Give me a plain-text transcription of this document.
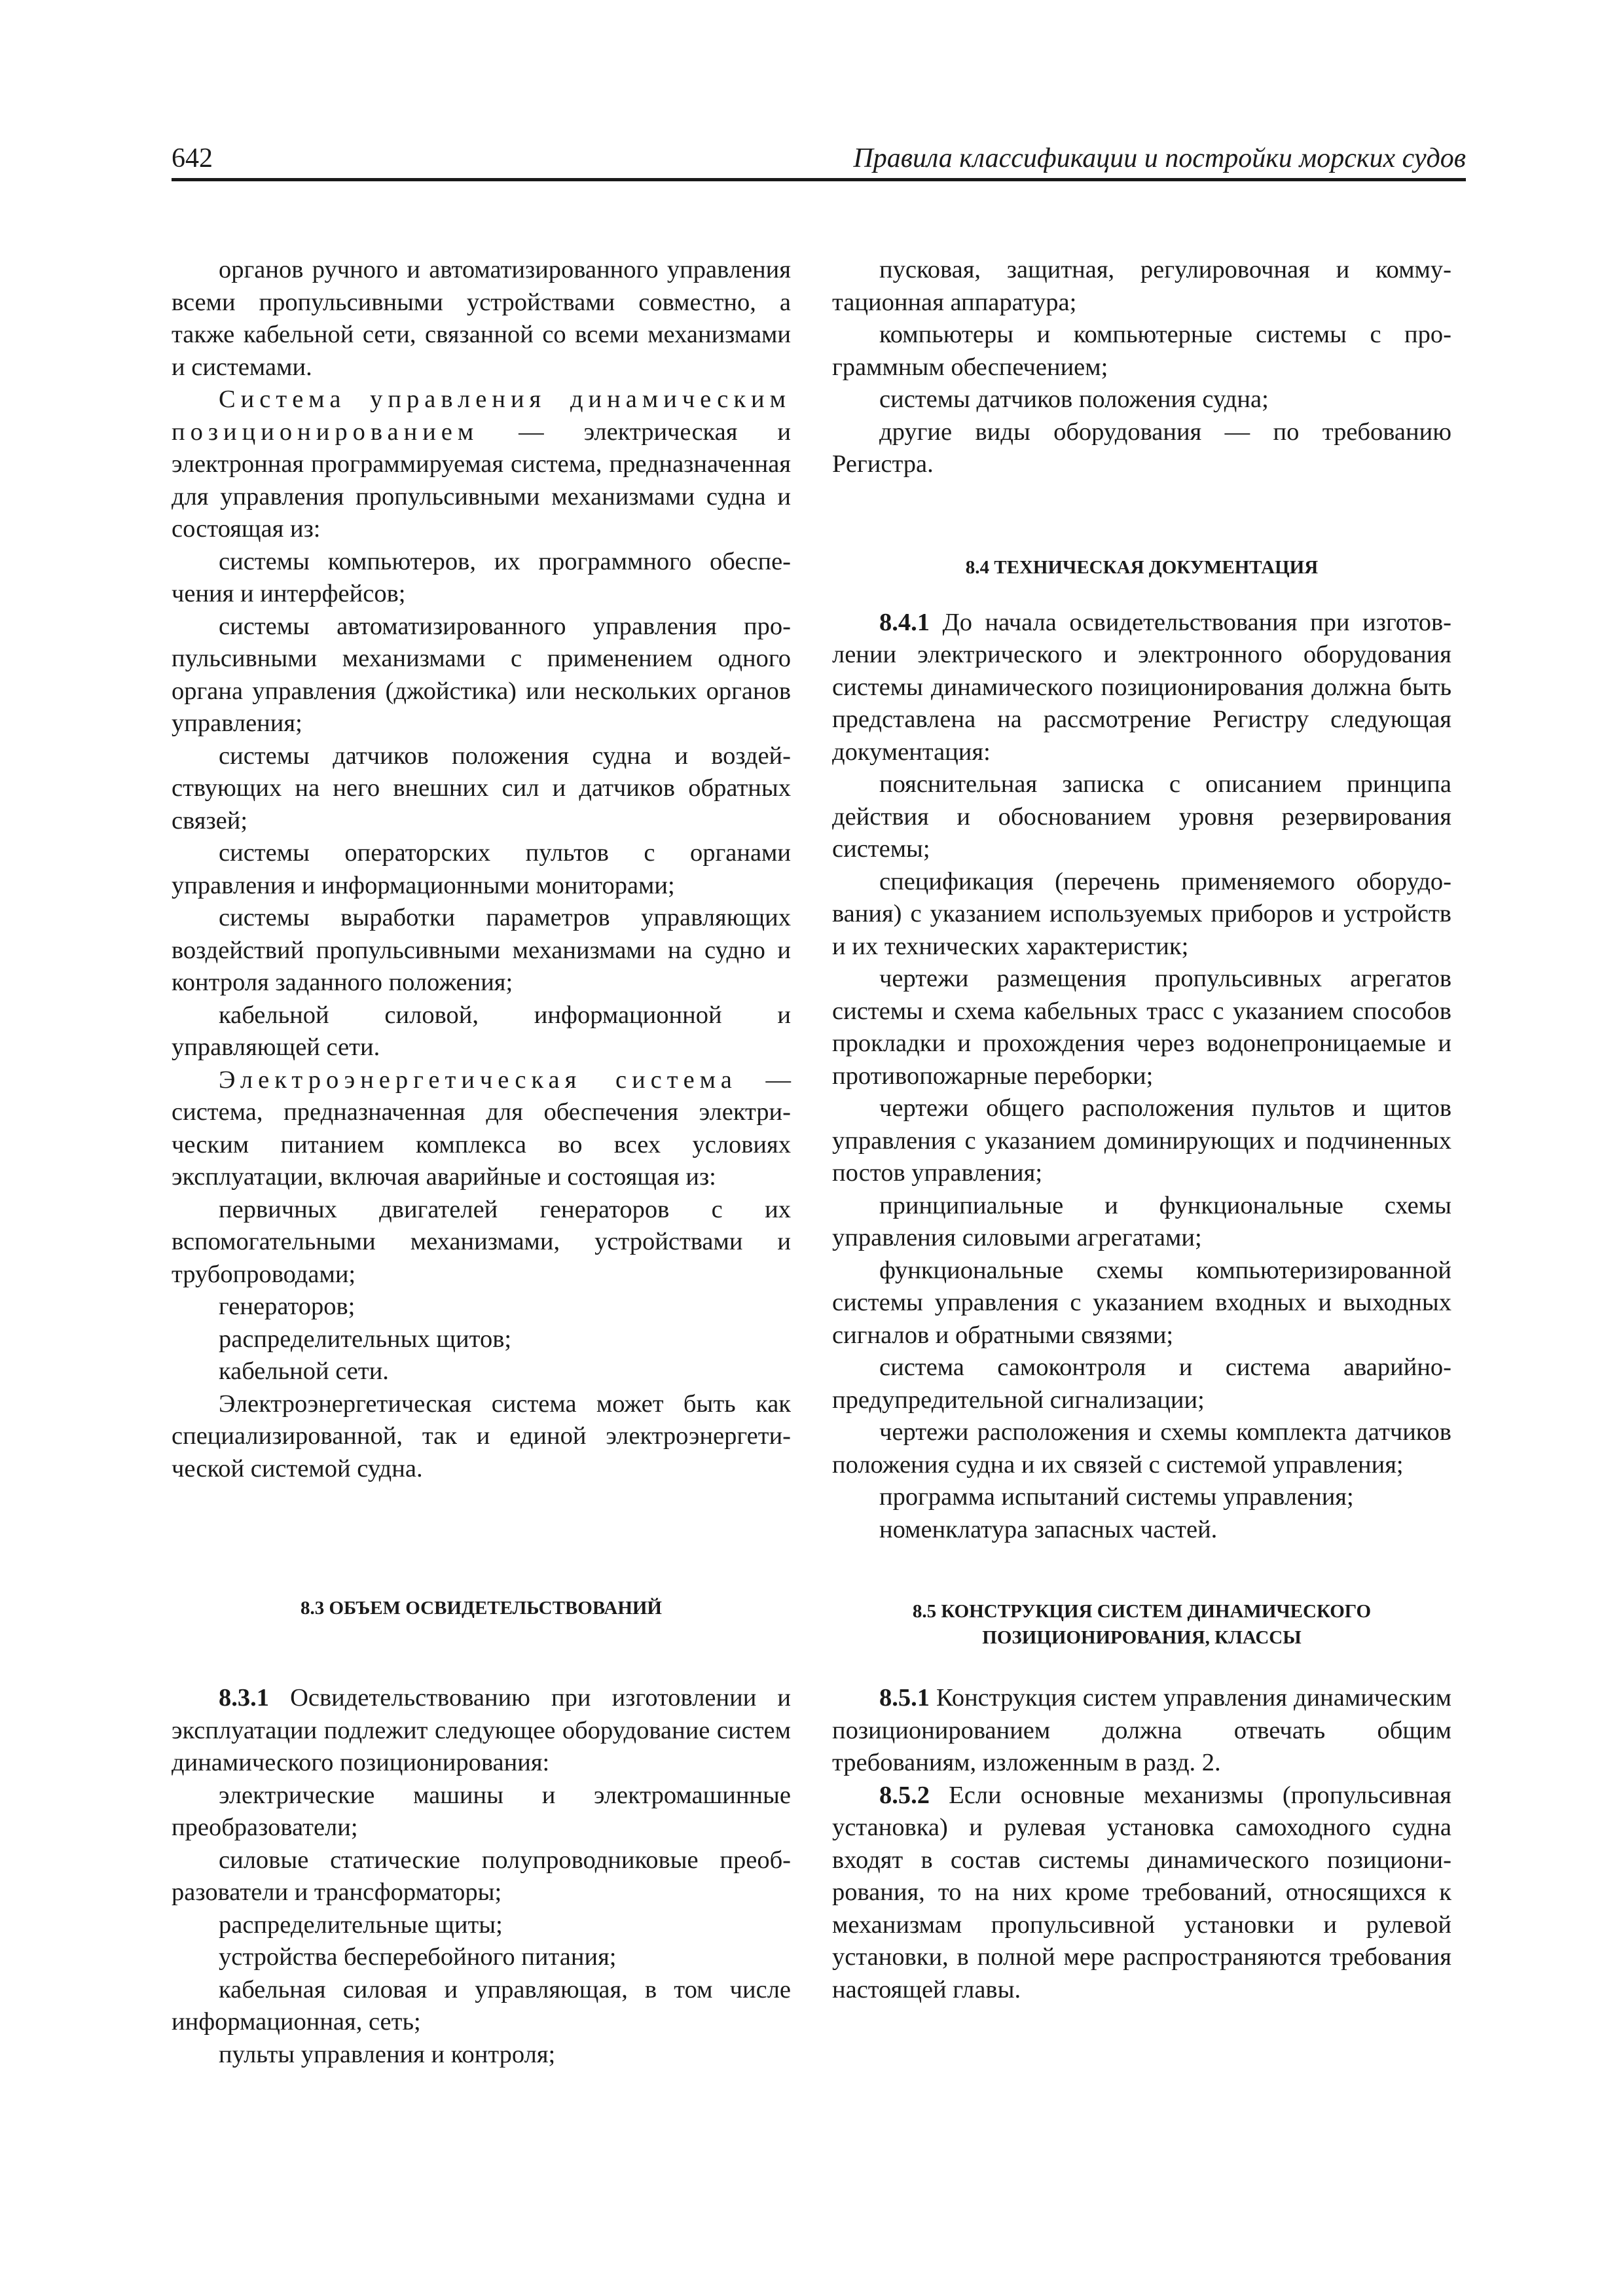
642	Правила классификации и постройки морских судов

органов ручного и автоматизированного управления всеми пропульсивными устройствами совместно, а также кабельной сети, связанной со всеми механизмами и системами.

Система управления динамическим позиционированием — электрическая и электронная программируемая система, предназначенная для управления пропульсивными механизмами судна и состоящая из:

системы компьютеров, их программного обеспечения и интерфейсов;

системы автоматизированного управления пропульсивными механизмами с применением одного органа управления (джойстика) или нескольких органов управления;

системы датчиков положения судна и воздействующих на него внешних сил и датчиков обратных связей;

системы операторских пультов с органами управления и информационными мониторами;

системы выработки параметров управляющих воздействий пропульсивными механизмами на судно и контроля заданного положения;

кабельной силовой, информационной и управляющей сети.

Электроэнергетическая система — система, предназначенная для обеспечения электрическим питанием комплекса во всех условиях эксплуатации, включая аварийные и состоящая из:

первичных двигателей генераторов с их вспомогательными механизмами, устройствами и трубопроводами;

генераторов;

распределительных щитов;

кабельной сети.

Электроэнергетическая система может быть как специализированной, так и единой электроэнергетической системой судна.

8.3 ОБЪЕМ ОСВИДЕТЕЛЬСТВОВАНИЙ

8.3.1 Освидетельствованию при изготовлении и эксплуатации подлежит следующее оборудование систем динамического позиционирования:

электрические машины и электромашинные преобразователи;

силовые статические полупроводниковые преобразователи и трансформаторы;

распределительные щиты;

устройства бесперебойного питания;

кабельная силовая и управляющая, в том числе информационная, сеть;

пульты управления и контроля;

пусковая, защитная, регулировочная и коммутационная аппаратура;

компьютеры и компьютерные системы с программным обеспечением;

системы датчиков положения судна;

другие виды оборудования — по требованию Регистра.

8.4 ТЕХНИЧЕСКАЯ ДОКУМЕНТАЦИЯ

8.4.1 До начала освидетельствования при изготовлении электрического и электронного оборудования системы динамического позиционирования должна быть представлена на рассмотрение Регистру следующая документация:

пояснительная записка с описанием принципа действия и обоснованием уровня резервирования системы;

спецификация (перечень применяемого оборудования) с указанием используемых приборов и устройств и их технических характеристик;

чертежи размещения пропульсивных агрегатов системы и схема кабельных трасс с указанием способов прокладки и прохождения через водонепроницаемые и противопожарные переборки;

чертежи общего расположения пультов и щитов управления с указанием доминирующих и подчиненных постов управления;

принципиальные и функциональные схемы управления силовыми агрегатами;

функциональные схемы компьютеризированной системы управления с указанием входных и выходных сигналов и обратными связями;

система самоконтроля и система аварийно-предупредительной сигнализации;

чертежи расположения и схемы комплекта датчиков положения судна и их связей с системой управления;

программа испытаний системы управления;

номенклатура запасных частей.

8.5 КОНСТРУКЦИЯ СИСТЕМ ДИНАМИЧЕСКОГО
ПОЗИЦИОНИРОВАНИЯ, КЛАССЫ

8.5.1 Конструкция систем управления динамическим позиционированием должна отвечать общим требованиям, изложенным в разд. 2.

8.5.2 Если основные механизмы (пропульсивная установка) и рулевая установка самоходного судна входят в состав системы динамического позиционирования, то на них кроме требований, относящихся к механизмам пропульсивной установки и рулевой установки, в полной мере распространяются требования настоящей главы.
